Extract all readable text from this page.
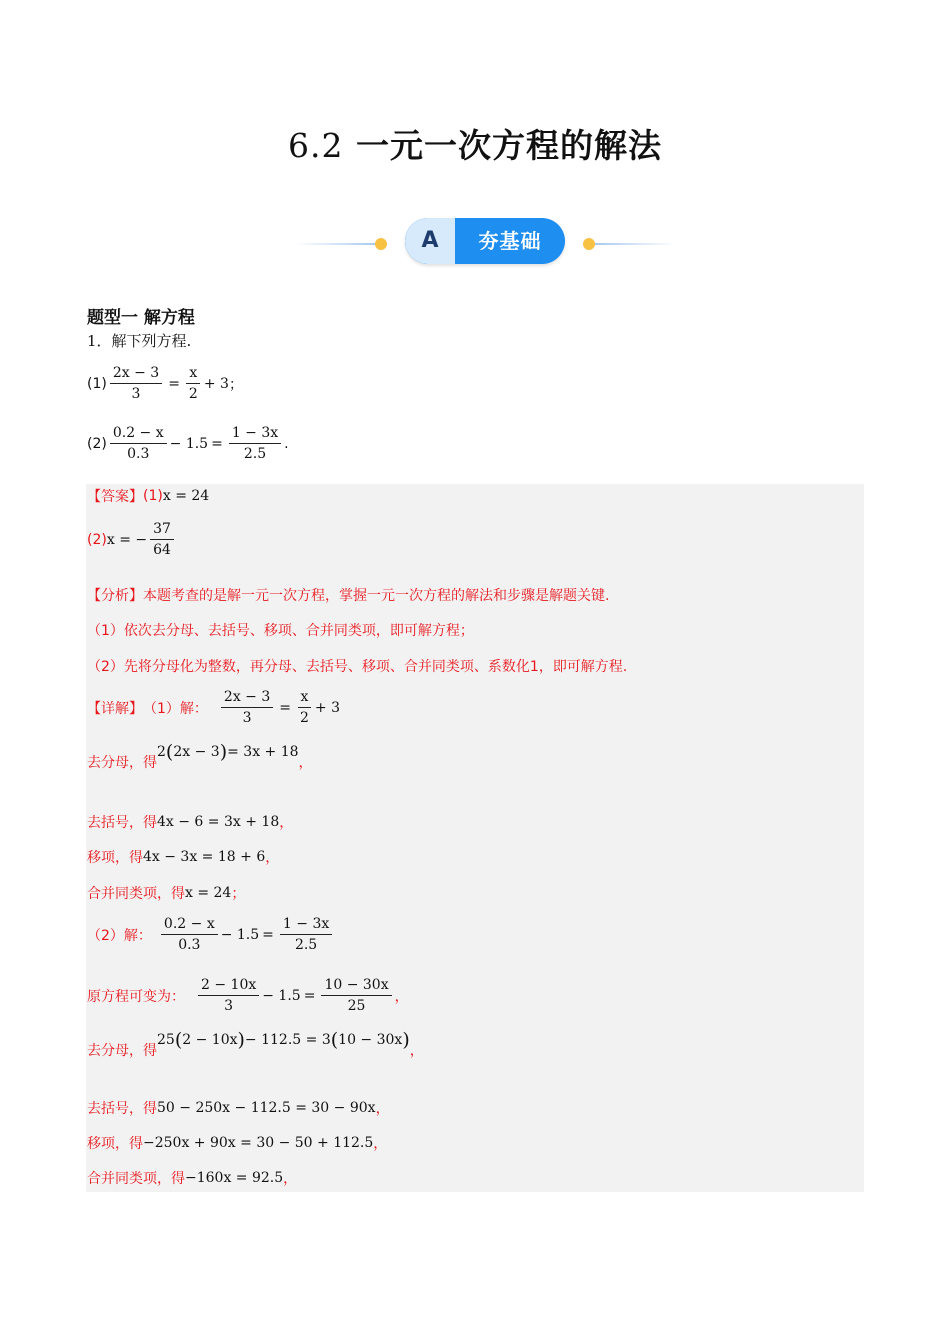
6.2 一元一次方程的解法
A	夯基础
题型一 解方程
1．解下列方程.
$(1) \frac{2x - 3}{3} = \frac{x}{2} + 3$ ；
$(2) \frac{0.2 - x}{0.3} - 1.5 = \frac{1 - 3x}{2.5}$ .
【答案】 (1) x = 24
(2) x = − $\frac{37}{64}$
【分析】 本题考查的是解一元一次方程，掌握一元一次方程的解法和步骤是解题关键.
（1）依次去分母、去括号、移项、合并同类项，即可解方程；
（2）先将分母化为整数，再分母、去括号、移项、合并同类项、系数化1，即可解方程.
【详解】 （1）解： $\frac{2x - 3}{3} = \frac{x}{2} + 3$
去分母，得
2 ( 2x − 3 ) = 3x + 18
，
去括号，得 4x − 6 = 3x + 18 ，
移项，得 4x − 3x = 18 + 6 ，
合并同类项，得 x = 24 ；
（2）解： $\frac{0.2 - x}{0.3} - 1.5 = \frac{1 - 3x}{2.5}$
原方程可变为： $\frac{2 - 10x}{3} - 1.5 = \frac{10 - 30x}{25}$ ，
去分母，得
25 ( 2 − 10x ) − 112.5 = 3 ( 10 − 30x )
，
去括号，得 50 − 250x − 112.5 = 30 − 90x ，
移项，得 −250x + 90x = 30 − 50 + 112.5 ，
合并同类项，得 −160x = 92.5 ，
